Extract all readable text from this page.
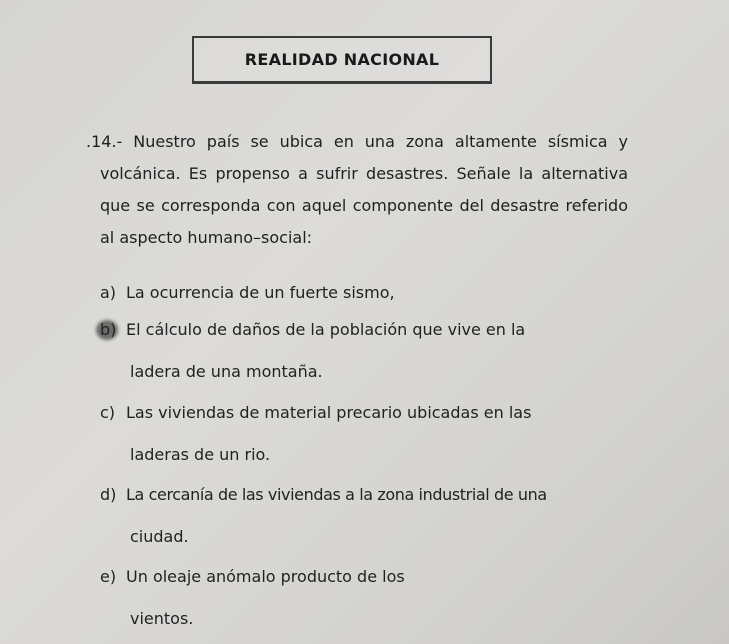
REALIDAD NACIONAL
.14.- Nuestro país se ubica en una zona altamente sísmica y volcánica. Es propenso a sufrir desastres. Señale la alternativa que se corresponda con aquel componente del desastre referido al aspecto humano–social:
a) La ocurrencia de un fuerte sismo,
b) El cálculo de daños de la población que vive en la
ladera de una montaña.
c) Las viviendas de material precario ubicadas en las
laderas de un rio.
d) La cercanía de las viviendas a la zona industrial de una
ciudad.
e) Un oleaje anómalo producto de los
vientos.
